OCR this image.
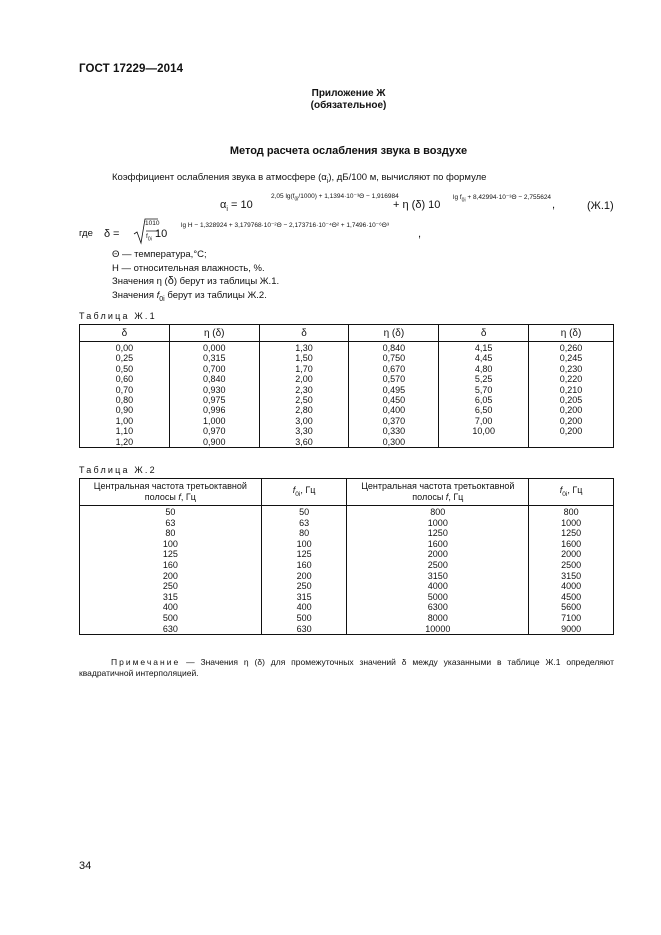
ГОСТ 17229—2014
Приложение Ж
(обязательное)
Метод расчета ослабления звука в воздухе
Коэффициент ослабления звука в атмосфере $(\alpha_i)$, дБ/100 м, вычисляют по формуле
$\alpha_i = 10$
2,05 $\lg(f_{0i}/1000) + 1,1394\cdot 10^{-3}\Theta - 1,916984$
+ η (δ) 10
$\lg f_{0i} + 8,42994\cdot 10^{-3}\Theta - 2,755624$
,	(Ж.1)
где δ =
1010
$f_{0i}$ 10
lg H − 1,328924 + 3,179768·10⁻²Θ − 2,173716·10⁻⁴Θ² + 1,7496·10⁻⁶Θ³
,
Θ — температура,°С;
H — относительная влажность, %.
Значения η (δ) берут из таблицы Ж.1.
Значения $f_{0i}$ берут из таблицы Ж.2.
Таблица Ж.1
δ	η (δ)	δ	η (δ)	δ	η (δ)
0,00	0,000	1,30	0,840	4,15	0,260
0,25	0,315	1,50	0,750	4,45	0,245
0,50	0,700	1,70	0,670	4,80	0,230
0,60	0,840	2,00	0,570	5,25	0,220
0,70	0,930	2,30	0,495	5,70	0,210
0,80	0,975	2,50	0,450	6,05	0,205
0,90	0,996	2,80	0,400	6,50	0,200
1,00	1,000	3,00	0,370	7,00	0,200
1,10	0,970	3,30	0,330	10,00	0,200
1,20	0,900	3,60	0,300		
Таблица Ж.2
Центральная частота третьоктавной
полосы f, Гц	$f_{0i}$, Гц	Центральная частота третьоктавной
полосы f, Гц	$f_{0i}$, Гц
50	50	800	800
63	63	1000	1000
80	80	1250	1250
100	100	1600	1600
125	125	2000	2000
160	160	2500	2500
200	200	3150	3150
250	250	4000	4000
315	315	5000	4500
400	400	6300	5600
500	500	8000	7100
630	630	10000	9000
Примечание — Значения η (δ) для промежуточных значений δ между указанными в таблице Ж.1 определяют квадратичной интерполяцией.
34
